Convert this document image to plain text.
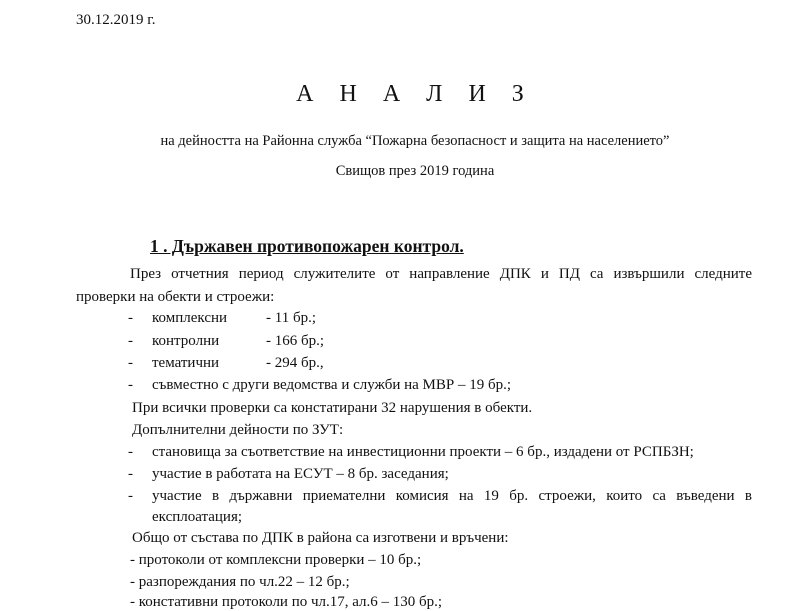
30.12.2019 г.
А Н А Л И З
на дейността на Районна служба “Пожарна безопасност и защита на населението”
Свищов през 2019 година
1 . Държавен противопожарен контрол.
През отчетния период служителите от направление ДПК и ПД са извършили следните
проверки на обекти и строежи:
- комплексни	- 11 бр.;
- контролни	- 166 бр.;
- тематични	- 294 бр.,
- съвместно с други ведомства и служби на МВР – 19 бр.;
При всички проверки са констатирани 32 нарушения в обекти.
Допълнителни дейности по ЗУТ:
- становища за съответствие на инвестиционни проекти – 6 бр., издадени от РСПБЗН;
- участие в работата на ЕСУТ – 8 бр. заседания;
- участие в държавни приемателни комисия на 19 бр. строежи, които са въведени в
експлоатация;
Общо от състава по ДПК в района са изготвени и връчени:
- протоколи от комплексни проверки – 10 бр.;
- разпореждания по чл.22 – 12 бр.;
- констативни протоколи по чл.17, ал.6 – 130 бр.;
